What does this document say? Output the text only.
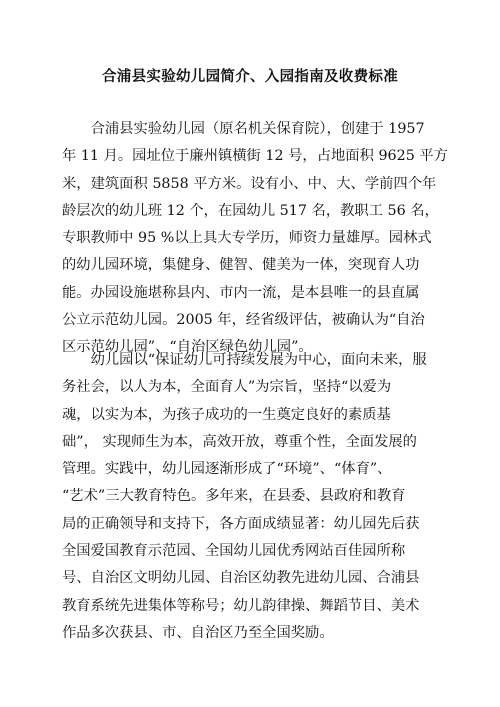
合浦县实验幼儿园简介、入园指南及收费标准
　　合浦县实验幼儿园（原名机关保育院），创建于 1957
年 11 月。园址位于廉州镇横街 12 号，占地面积 9625 平方
米，建筑面积 5858 平方米。设有小、中、大、学前四个年
龄层次的幼儿班 12 个，在园幼儿 517 名，教职工 56 名，
专职教师中 95 %以上具大专学历，师资力量雄厚。园林式
的幼儿园环境，集健身、健智、健美为一体，突现育人功
能。办园设施堪称县内、市内一流，是本县唯一的县直属
公立示范幼儿园。2005 年，经省级评估，被确认为“自治
区示范幼儿园”、“自治区绿色幼儿园”。
　　幼儿园以“保证幼儿可持续发展为中心，面向未来，服
务社会，以人为本，全面育人”为宗旨，坚持“以爱为
魂，以实为本，为孩子成功的一生奠定良好的素质基
础”， 实现师生为本，高效开放，尊重个性，全面发展的
管理。实践中，幼儿园逐渐形成了“环境”、“体育”、
“艺术”三大教育特色。多年来，在县委、县政府和教育
局的正确领导和支持下，各方面成绩显著：幼儿园先后获
全国爱国教育示范园、全国幼儿园优秀网站百佳园所称
号、自治区文明幼儿园、自治区幼教先进幼儿园、合浦县
教育系统先进集体等称号；幼儿韵律操、舞蹈节目、美术
作品多次获县、市、自治区乃至全国奖励。
